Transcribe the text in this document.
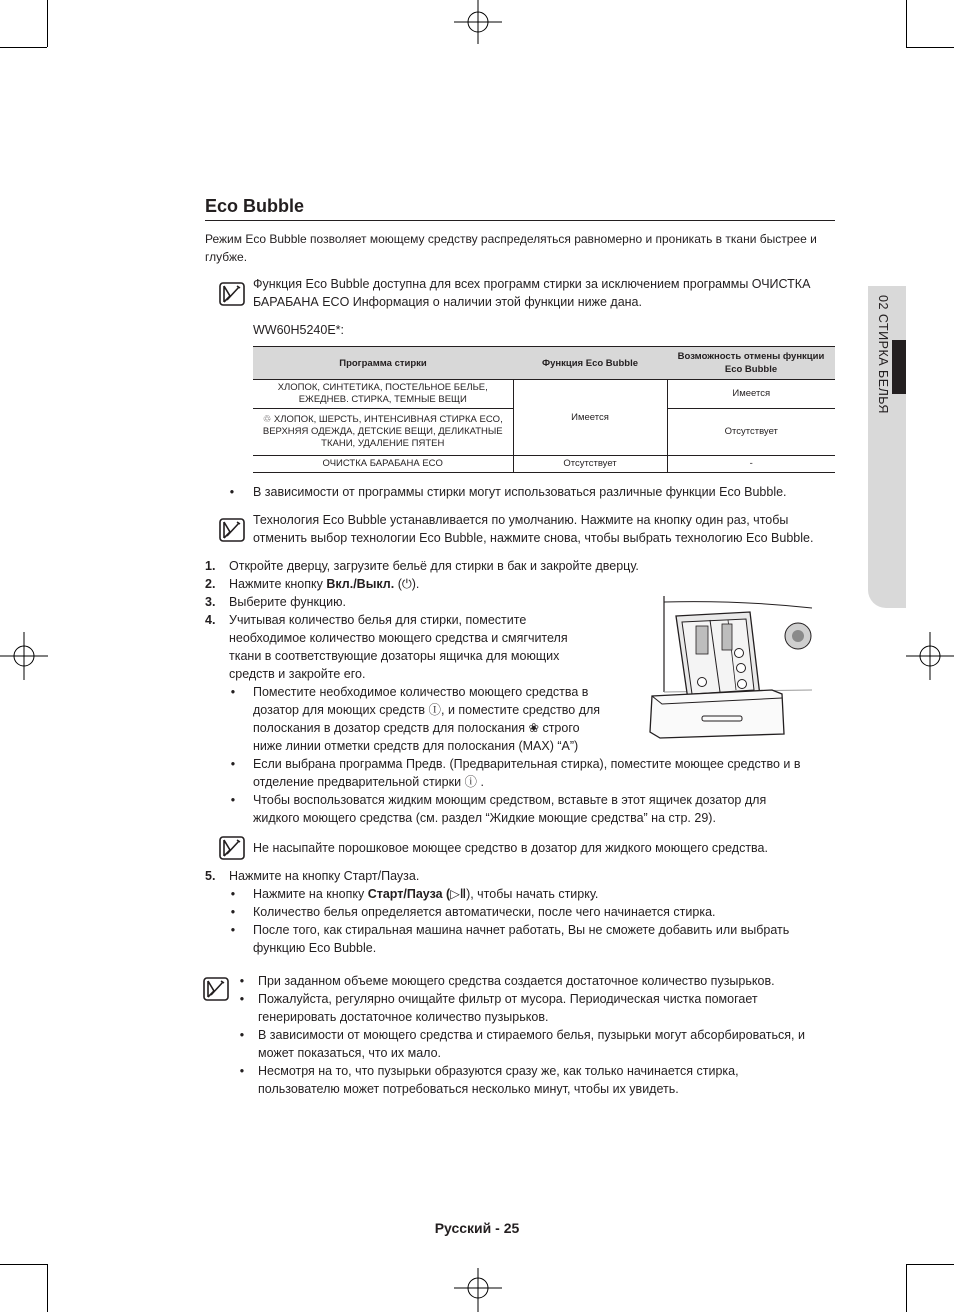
02 СТИРКА БЕЛЬЯ
Eco Bubble
Режим Eco Bubble позволяет моющему средству распределяться равномерно и проникать в ткани быстрее и глубже.
Функция Eco Bubble доступна для всех программ стирки за исключением программы ОЧИСТКА
БАРАБАНА ECO Информация о наличии этой функции ниже дана.
WW60H5240E*:
Программа стирки	Функция Eco Bubble	Возможность отмены функции Eco Bubble
ХЛОПОК, СИНТЕТИКА, ПОСТЕЛЬНОЕ БЕЛЬЕ, ЕЖЕДНЕВ. СТИРКА, ТЕМНЫЕ ВЕЩИ	Имеется	Имеется
♲ ХЛОПОК, ШЕРСТЬ, ИНТЕНСИВНАЯ СТИРКА ECO, ВЕРХНЯЯ ОДЕЖДА, ДЕТСКИЕ ВЕЩИ, ДЕЛИКАТНЫЕ ТКАНИ, УДАЛЕНИЕ ПЯТЕН		Отсутствует
ОЧИСТКА БАРАБАНА ECO	Отсутствует	-
• В зависимости от программы стирки могут использоваться различные функции Eco Bubble.
Технология Eco Bubble устанавливается по умолчанию. Нажмите на кнопку один раз, чтобы
отменить выбор технологии Eco Bubble, нажмите снова, чтобы выбрать технологию Eco Bubble.
1. Откройте дверцу, загрузите бельё для стирки в бак и закройте дверцу.
2. Нажмите кнопку Вкл./Выкл. (⏻).
3. Выберите функцию.
4. Учитывая количество белья для стирки, поместите
необходимое количество моющего средства и смягчителя
ткани в соответствующие дозаторы ящичка для моющих
средств и закройте его.
• Поместите необходимое количество моющего средства в
дозатор для моющих средств Ⓘ, и поместите средство для
полоскания в дозатор средств для полоскания ❀ строго
ниже линии отметки средств для полоскания (MAX) “A”)
• Если выбрана программа Предв. (Предварительная стирка), поместите моющее средство и в
отделение предварительной стирки ⓘ .
• Чтобы воспользоватся жидким моющим средством, вставьте в этот ящичек дозатор для
жидкого моющего средства (см. раздел “Жидкие моющие средства” на стр. 29).
Не насыпайте порошковое моющее средство в дозатор для жидкого моющего средства.
5. Нажмите на кнопку Старт/Пауза.
• Нажмите на кнопку Старт/Пауза (▷‖), чтобы начать стирку.
• Количество белья определяется автоматически, после чего начинается стирка.
• После того, как стиральная машина начнет работать, Вы не сможете добавить или выбрать
функцию Eco Bubble.
• При заданном объеме моющего средства создается достаточное количество пузырьков.
• Пожалуйста, регулярно очищайте фильтр от мусора. Периодическая чистка помогает
генерировать достаточное количество пузырьков.
• В зависимости от моющего средства и стираемого белья, пузырьки могут абсорбироваться, и
может показаться, что их мало.
• Несмотря на то, что пузырьки образуются сразу же, как только начинается стирка,
пользователю может потребоваться несколько минут, чтобы их увидеть.
Русский - 25
